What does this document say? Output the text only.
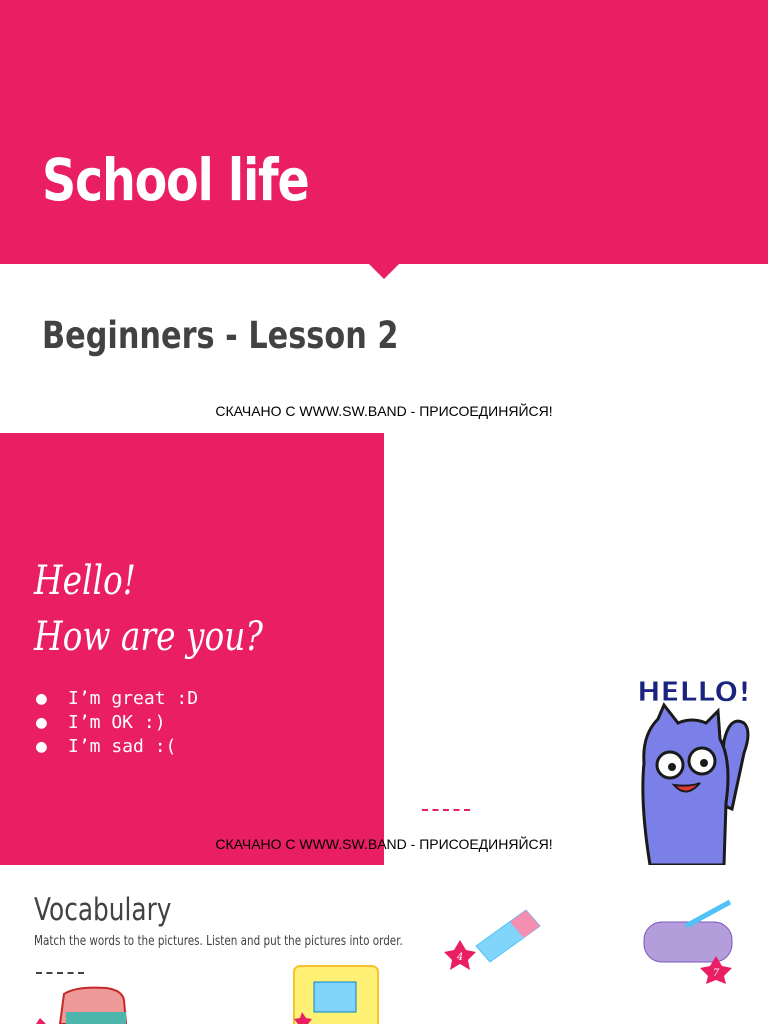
School life
Beginners - Lesson 2
СКАЧАНО С WWW.SW.BAND - ПРИСОЕДИНЯЙСЯ!
Hello!
How are you?
● I’m great :D
● I’m OK :)
● I’m sad :(
HELLO!
СКАЧАНО С WWW.SW.BAND - ПРИСОЕДИНЯЙСЯ!
Vocabulary
Match the words to the pictures. Listen and put the pictures into order.
4
7
